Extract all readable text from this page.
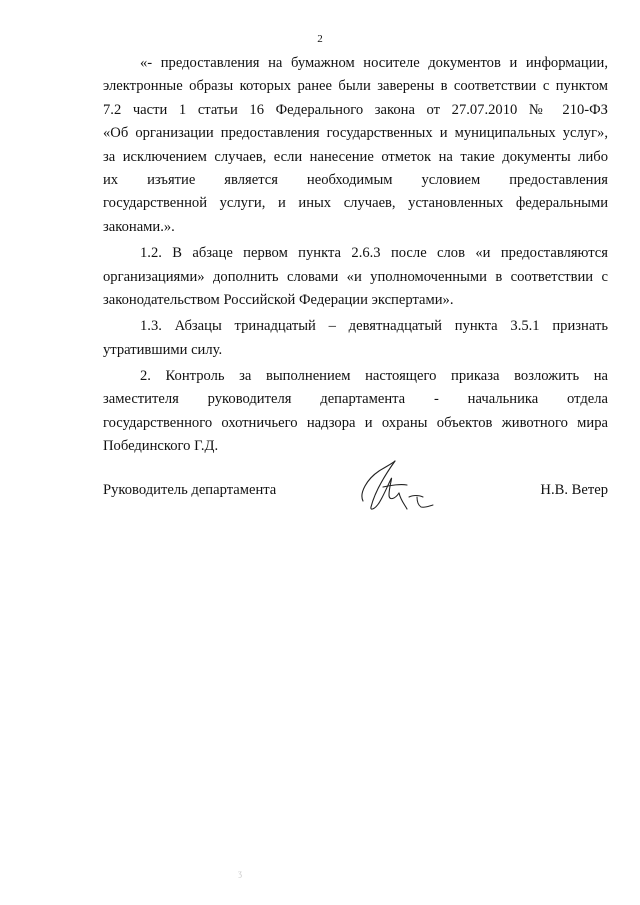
2
«- предоставления на бумажном носителе документов и информации,
электронные образы которых ранее были заверены в соответствии с пунктом
7.2 части 1 статьи 16 Федерального закона от 27.07.2010 № 210-ФЗ
«Об организации предоставления государственных и муниципальных услуг»,
за исключением случаев, если нанесение отметок на такие документы либо
их изъятие является необходимым условием предоставления
государственной услуги, и иных случаев, установленных федеральными
законами.».
1.2. В абзаце первом пункта 2.6.3 после слов «и предоставляются
организациями» дополнить словами «и уполномоченными в соответствии с
законодательством Российской Федерации экспертами».
1.3. Абзацы тринадцатый – девятнадцатый пункта 3.5.1 признать
утратившими силу.
2. Контроль за выполнением настоящего приказа возложить на
заместителя руководителя департамента - начальника отдела
государственного охотничьего надзора и охраны объектов животного мира
Побединского Г.Д.
Руководитель департамента	Н.В. Ветер
ʒ
